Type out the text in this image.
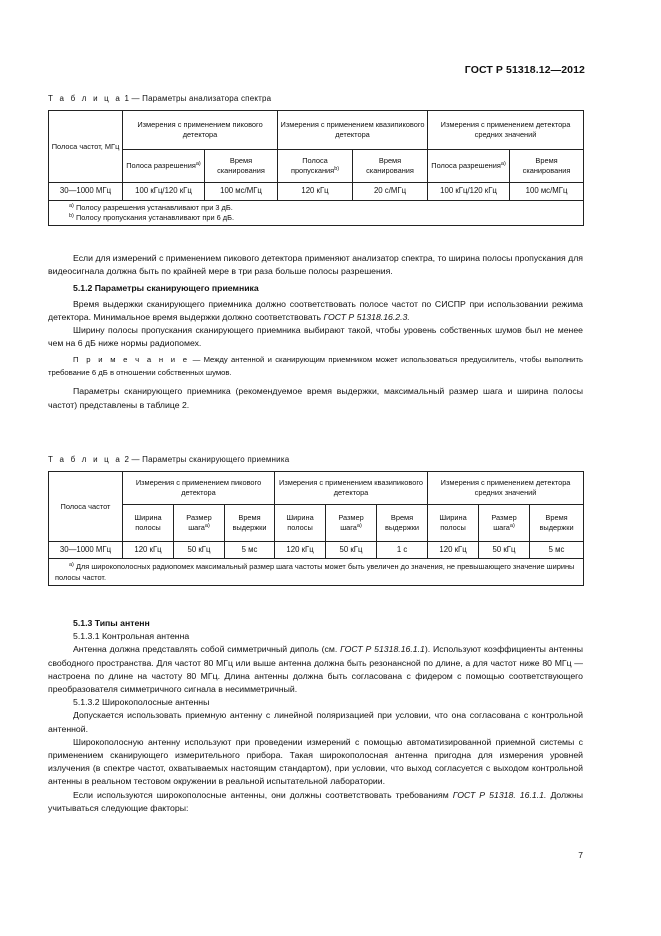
ГОСТ Р 51318.12—2012
Т а б л и ц а 1 — Параметры анализатора спектра
Полоса частот, МГц	Измерения с применением пикового детектора		Измерения с применением квазипикового детектора		Измерения с применением детектора средних значений	
	Полоса разрешения$^{а)}$	Время сканирования	Полоса пропускания$^{b)}$	Время сканирования	Полоса разрешения$^{а)}$	Время сканирования
30—1000 МГц	100 кГц/120 кГц	100 мс/МГц	120 кГц	20 с/МГц	100 кГц/120 кГц	100 мс/МГц

$^{а)}$ Полосу разрешения устанавливают при 3 дБ.
$^{b)}$ Полосу пропускания устанавливают при 6 дБ.						

Если для измерений с применением пикового детектора применяют анализатор спектра, то ширина полосы пропускания для видеосигнала должна быть по крайней мере в три раза больше полосы разрешения.

5.1.2 Параметры сканирующего приемника

Время выдержки сканирующего приемника должно соответствовать полосе частот по СИСПР при использовании режима детектора. Минимальное время выдержки должно соответствовать ГОСТ Р 51318.16.2.3.

Ширину полосы пропускания сканирующего приемника выбирают такой, чтобы уровень собственных шумов был не менее чем на 6 дБ ниже нормы радиопомех.

П р и м е ч а н и е — Между антенной и сканирующим приемником может использоваться предусилитель, чтобы выполнить требование 6 дБ в отношении собственных шумов.

Параметры сканирующего приемника (рекомендуемое время выдержки, максимальный размер шага и ширина полосы частот) представлены в таблице 2.

Т а б л и ц а 2 — Параметры сканирующего приемника
Полоса частот	Измерения с применением пикового детектора			Измерения с применением квазипикового детектора			Измерения с применением детектора средних значений		
	Ширина полосы	Размер шага$^{а)}$	Время выдержки	Ширина полосы	Размер шага$^{а)}$	Время выдержки	Ширина полосы	Размер шага$^{а)}$	Время выдержки
30—1000 МГц	120 кГц	50 кГц	5 мс	120 кГц	50 кГц	1 с	120 кГц	50 кГц	5 мс
$^{а)}$ Для широкополосных радиопомех максимальный размер шага частоты может быть увеличен до значения, не превышающего значение ширины полосы частот.									

5.1.3 Типы антенн

5.1.3.1 Контрольная антенна

Антенна должна представлять собой симметричный диполь (см. ГОСТ Р 51318.16.1.1). Используют коэффициенты антенны свободного пространства. Для частот 80 МГц или выше антенна должна быть резонансной по длине, а для частот ниже 80 МГц — настроена по длине на частоту 80 МГц. Длина антенны должна быть согласована с фидером с помощью соответствующего преобразователя симметричного сигнала в несимметричный.

5.1.3.2 Широкополосные антенны

Допускается использовать приемную антенну с линейной поляризацией при условии, что она согласована с контрольной антенной.

Широкополосную антенну используют при проведении измерений с помощью автоматизированной приемной системы с применением сканирующего измерительного прибора. Такая широкополосная антенна пригодна для измерения уровней излучения (в спектре частот, охватываемых настоящим стандартом), при условии, что выход согласуется с выходом контрольной антенны в реальном тестовом окружении в реальной испытательной лаборатории.

Если используются широкополосные антенны, они должны соответствовать требованиям ГОСТ Р 51318. 16.1.1. Должны учитываться следующие факторы:

7
